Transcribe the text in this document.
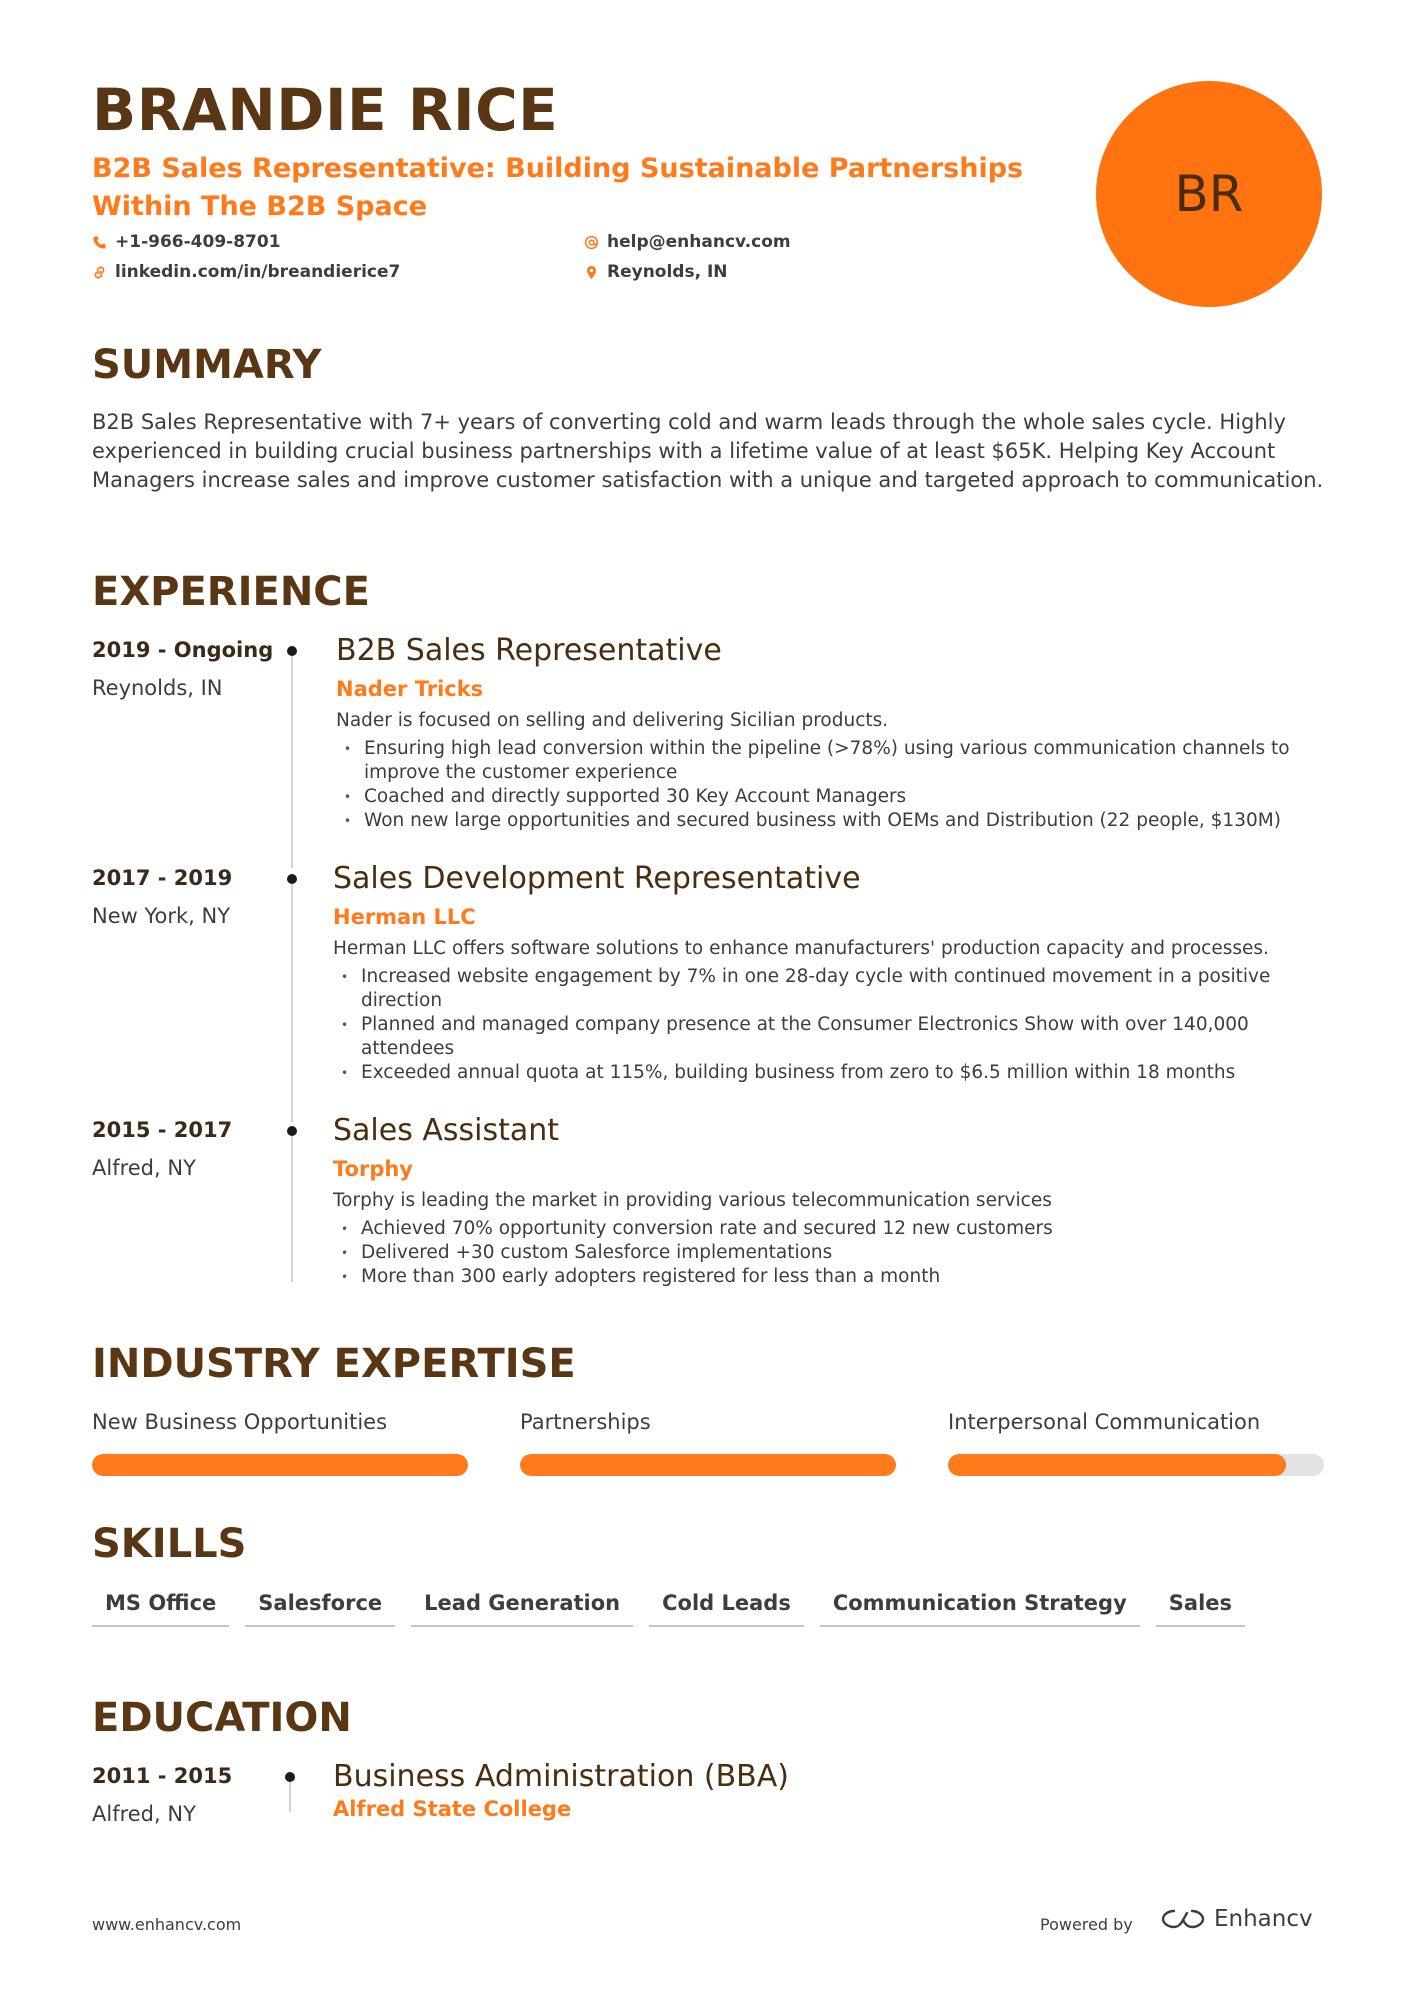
BRANDIE RICE
B2B Sales Representative: Building Sustainable Partnerships Within The B2B Space
+1-966-409-8701	help@enhancv.com
linkedin.com/in/breandierice7	Reynolds, IN
BR
SUMMARY
B2B Sales Representative with 7+ years of converting cold and warm leads through the whole sales cycle. Highly experienced in building crucial business partnerships with a lifetime value of at least $65K. Helping Key Account Managers increase sales and improve customer satisfaction with a unique and targeted approach to communication.
EXPERIENCE
2019 - Ongoing
Reynolds, IN
B2B Sales Representative
Nader Tricks
Nader is focused on selling and delivering Sicilian products.
• Ensuring high lead conversion within the pipeline (>78%) using various communication channels to improve the customer experience
• Coached and directly supported 30 Key Account Managers
• Won new large opportunities and secured business with OEMs and Distribution (22 people, $130M)
2017 - 2019
New York, NY
Sales Development Representative
Herman LLC
Herman LLC offers software solutions to enhance manufacturers' production capacity and processes.
• Increased website engagement by 7% in one 28-day cycle with continued movement in a positive direction
• Planned and managed company presence at the Consumer Electronics Show with over 140,000 attendees
• Exceeded annual quota at 115%, building business from zero to $6.5 million within 18 months
2015 - 2017
Alfred, NY
Sales Assistant
Torphy
Torphy is leading the market in providing various telecommunication services
• Achieved 70% opportunity conversion rate and secured 12 new customers
• Delivered +30 custom Salesforce implementations
• More than 300 early adopters registered for less than a month
INDUSTRY EXPERTISE
New Business Opportunities	Partnerships	Interpersonal Communication
SKILLS
MS Office	Salesforce	Lead Generation	Cold Leads	Communication Strategy	Sales
EDUCATION
2011 - 2015
Alfred, NY
Business Administration (BBA)
Alfred State College
www.enhancv.com	Powered by	Enhancv
